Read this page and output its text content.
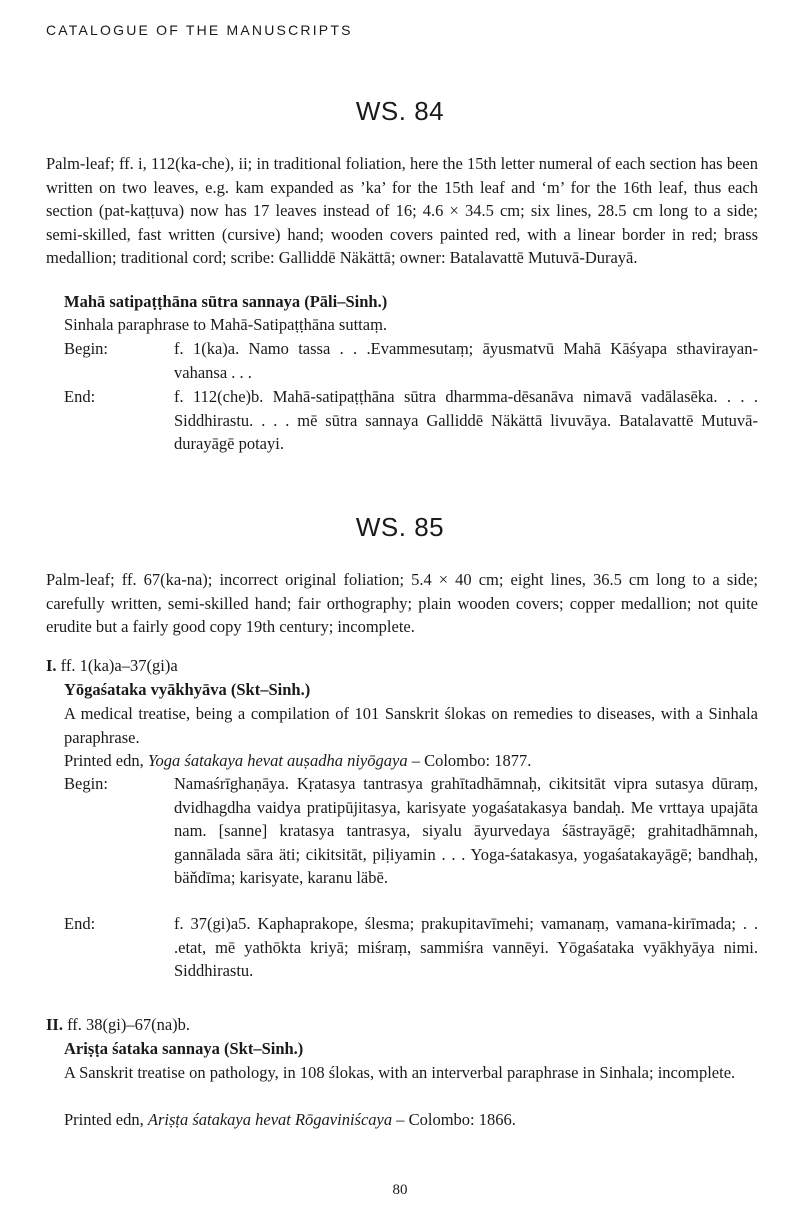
CATALOGUE OF THE MANUSCRIPTS
WS. 84

Palm-leaf; ff. i, 112(ka-che), ii; in traditional foliation, here the 15th letter numeral of each section has been written on two leaves, e.g. kam expanded as ’ka’ for the 15th leaf and ‘m’ for the 16th leaf, thus each section (pat-kaṭṭuva) now has 17 leaves instead of 16; 4.6 × 34.5 cm; six lines, 28.5 cm long to a side; semi-skilled, fast written (cursive) hand; wooden covers painted red, with a linear border in red; brass medallion; traditional cord; scribe: Galliddē Näkättā; owner: Batalavattē Mutuvā-Durayā.

Mahā satipaṭṭhāna sūtra sannaya (Pāli–Sinh.)

Sinhala paraphrase to Mahā-Satipaṭṭhāna suttaṃ.

Begin:	f. 1(ka)a. Namo tassa . . .Evammesutaṃ; āyusmatvū Mahā Kāśyapa sthavirayan-vahansa . . .
End:	f. 112(che)b. Mahā-satipaṭṭhāna sūtra dharmma-dēsanāva nimavā vadālasēka. . . . Siddhirastu. . . . mē sūtra sannaya Galliddē Näkättā livuvāya. Batalavattē Mutuvā-durayāgē potayi.
WS. 85

Palm-leaf; ff. 67(ka-na); incorrect original foliation; 5.4 × 40 cm; eight lines, 36.5 cm long to a side; carefully written, semi-skilled hand; fair orthography; plain wooden covers; copper medallion; not quite erudite but a fairly good copy 19th century; incomplete.

I. ff. 1(ka)a–37(gi)a

Yōgaśataka vyākhyāva (Skt–Sinh.)

A medical treatise, being a compilation of 101 Sanskrit ślokas on remedies to diseases, with a Sinhala paraphrase.

Printed edn, Yoga śatakaya hevat auṣadha niyōgaya – Colombo: 1877.

Begin:	Namaśrīghaṇāya. Kṛatasya tantrasya grahītadhāmnaḥ, cikitsitāt vipra sutasya dūraṃ, dvidhagdha vaidya pratipūjitasya, karisyate yogaśatakasya bandaḥ. Me vrttaya upajāta nam. [sanne] kratasya tantrasya, siyalu āyurvedaya śāstrayāgē; grahitadhāmnah, gannālada sāra äti; cikitsitāt, piḷiyamin . . . Yoga-śatakasya, yogaśatakayāgē; bandhaḥ, bäňdīma; karisyate, karanu läbē.
End:	f. 37(gi)a5. Kaphaprakope, ślesma; prakupitavīmehi; vamanaṃ, vamana-kirīmada; . . .etat, mē yathōkta kriyā; miśraṃ, sammiśra vannēyi. Yōgaśataka vyākhyāya nimi. Siddhirastu.
II. ff. 38(gi)–67(na)b.

Ariṣṭa śataka sannaya (Skt–Sinh.)

A Sanskrit treatise on pathology, in 108 ślokas, with an interverbal paraphrase in Sinhala; incomplete.

Printed edn, Ariṣṭa śatakaya hevat Rōgaviniścaya – Colombo: 1866.

80
